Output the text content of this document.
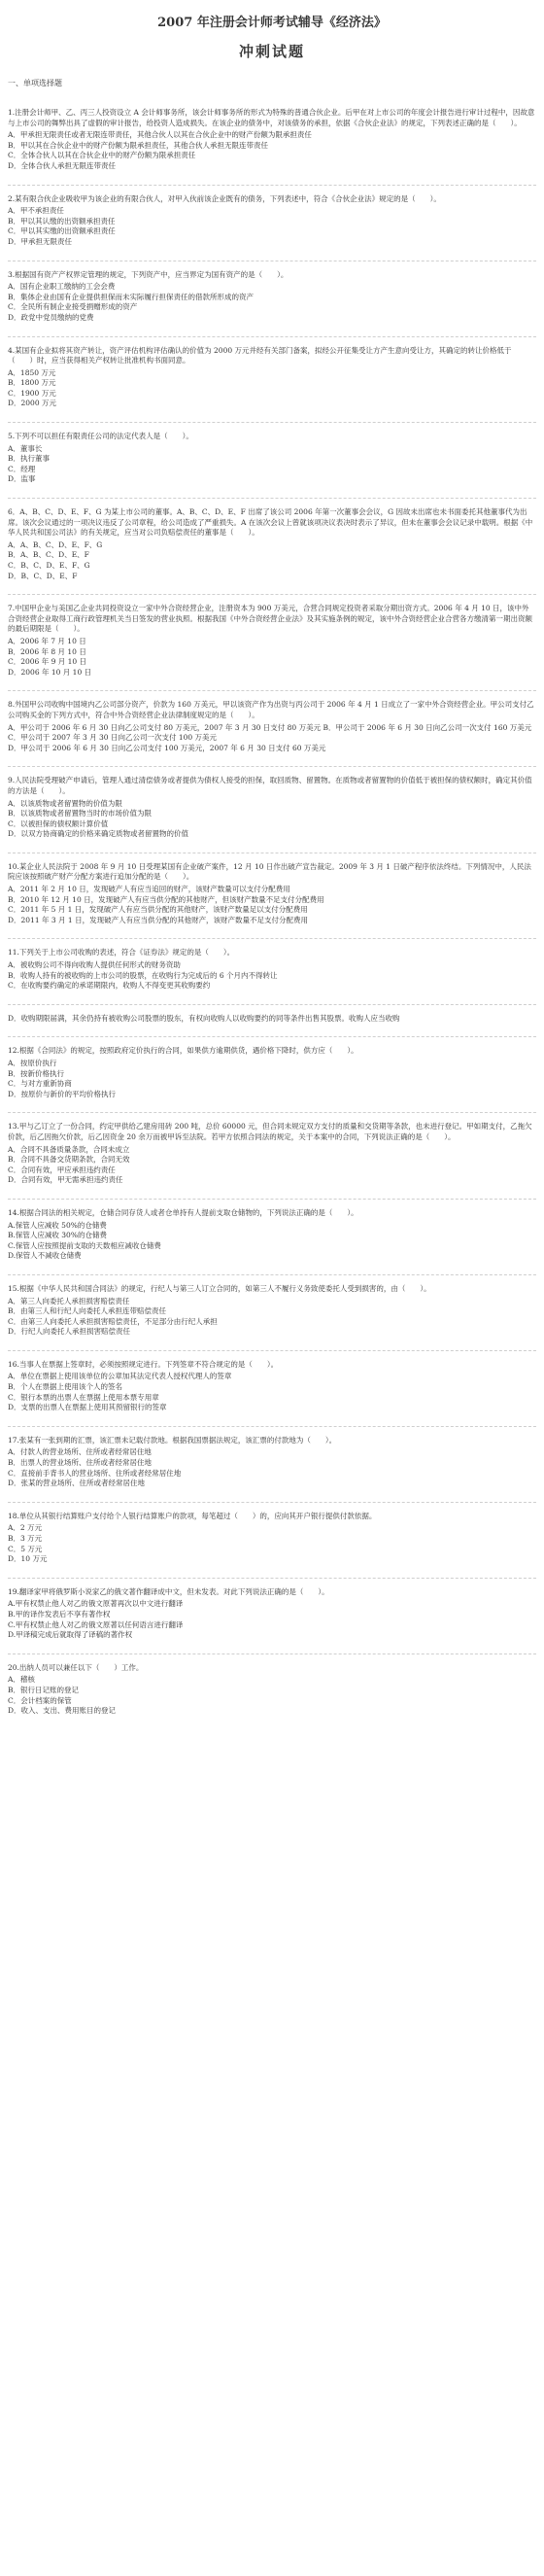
2007 年注册会计师考试辅导《经济法》
冲刺试题
一、单项选择题
1.注册会计师甲、乙、丙三人投资设立 A 会计师事务所，该会计师事务所的形式为特殊的普通合伙企业。后甲在对上市公司的年度会计报告进行审计过程中，因故意与上市公司的舞弊出具了虚假的审计报告，给投资人造成损失。在该企业的债务中，对该债务的承担，依据《合伙企业法》的规定，下列表述正确的是（　　）。
A．甲承担无限责任或者无限连带责任，其他合伙人以其在合伙企业中的财产份额为限承担责任
B．甲以其在合伙企业中的财产份额为限承担责任，其他合伙人承担无限连带责任
C．全体合伙人以其在合伙企业中的财产份额为限承担责任
D．全体合伙人承担无限连带责任
2.某有限合伙企业吸收甲为该企业的有限合伙人，对甲入伙前该企业既有的债务，下列表述中，符合《合伙企业法》规定的是（　　）。
A．甲不承担责任
B．甲以其认缴的出资额承担责任
C．甲以其实缴的出资额承担责任
D．甲承担无限责任
3.根据国有资产产权界定管理的规定，下列资产中，应当界定为国有资产的是（　　）。
A．国有企业职工缴纳的工会会费
B．集体企业由国有企业提供担保而未实际履行担保责任的借款所形成的资产
C．全民所有制企业接受捐赠形成的资产
D．政党中党员缴纳的党费
4.某国有企业拟将其资产转让，资产评估机构评估确认的价值为 2000 万元并经有关部门备案，拟经公开征集受让方产生意向受让方，其确定的转让价格低于（　　）时，应当获得相关产权转让批准机构书面同意。
A．1850 万元
B．1800 万元
C．1900 万元
D．2000 万元
5.下列不可以担任有限责任公司的法定代表人是（　　）。
A．董事长
B．执行董事
C．经理
D．监事
6．A、B、C、D、E、F、G 为某上市公司的董事。A、B、C、D、E、F 出席了该公司 2006 年第一次董事会会议，G 因故未出席也未书面委托其他董事代为出席。该次会议通过的一项决议违反了公司章程，给公司造成了严重损失。A 在该次会议上曾就该项决议表决时表示了异议，但未在董事会会议记录中载明。根据《中华人民共和国公司法》的有关规定，应当对公司负赔偿责任的董事是（　　）。
A．A、B、C、D、E、F、G
B．A、B、C、D、E、F
C．B、C、D、E、F、G
D．B、C、D、E、F
7.中国甲企业与美国乙企业共同投资设立一家中外合资经营企业，注册资本为 900 万美元，合营合同规定投资者采取分期出资方式。2006 年 4 月 10 日，该中外合资经营企业取得工商行政管理机关当日签发的营业执照。根据我国《中外合资经营企业法》及其实施条例的规定，该中外合资经营企业合营各方缴清第一期出资额的最后期限是（　　）。
A．2006 年 7 月 10 日
B．2006 年 8 月 10 日
C．2006 年 9 月 10 日
D．2006 年 10 月 10 日
8.外国甲公司收购中国境内乙公司部分资产，价款为 160 万美元，甲以该资产作为出资与丙公司于 2006 年 4 月 1 日成立了一家中外合资经营企业。甲公司支付乙公司购买金的下列方式中，符合中外合资经营企业法律制度规定的是（　　）。
A．甲公司于 2006 年 6 月 30 日向乙公司支付 80 万美元，2007 年 3 月 30 日支付 80 万美元 B．甲公司于 2006 年 6 月 30 日向乙公司一次支付 160 万美元
C．甲公司于 2007 年 3 月 30 日向乙公司一次支付 100 万美元
D．甲公司于 2006 年 6 月 30 日向乙公司支付 100 万美元，2007 年 6 月 30 日支付 60 万美元
9.人民法院受理破产申请后，管理人通过清偿债务或者提供为债权人接受的担保，取回质物、留置物。在质物或者留置物的价值低于被担保的债权额时，确定其价值的方法是（　　）。
A．以该质物或者留置物的价值为限
B．以该质物或者留置物当时的市场价值为限
C．以被担保的债权额计算价值
D．以双方协商确定的价格来确定质物或者留置物的价值
10.某企业人民法院于 2008 年 9 月 10 日受理某国有企业破产案件，12 月 10 日作出破产宣告裁定。2009 年 3 月 1 日破产程序依法终结。下列情况中，人民法院应该按照破产财产分配方案进行追加分配的是（　　）。
A．2011 年 2 月 10 日，发现破产人有应当追回的财产，该财产数量可以支付分配费用
B．2010 年 12 月 10 日，发现破产人有应当供分配的其他财产，但该财产数量不足支付分配费用
C．2011 年 5 月 1 日，发现破产人有应当供分配的其他财产，该财产数量足以支付分配费用
D．2011 年 3 月 1 日，发现破产人有应当供分配的其他财产，该财产数量不足支付分配费用
11.下列关于上市公司收购的表述，符合《证券法》规定的是（　　）。
A．被收购公司不得向收购人提供任何形式的财务资助
B．收购人持有的被收购的上市公司的股票，在收购行为完成后的 6 个月内不得转让
C．在收购要约确定的承诺期限内，收购人不得变更其收购要约
D．收购期限届满，其余仍持有被收购公司股票的股东，有权向收购人以收购要约的同等条件出售其股票。收购人应当收购
12.根据《合同法》的规定，按照政府定价执行的合同，如果供方逾期供货，遇价格下降时，供方应（　　）。
A．按原价执行
B．按新价格执行
C．与对方重新协商
D．按原价与新价的平均价格执行
13.甲与乙订立了一份合同，约定甲供给乙建房用砖 200 吨，总价 60000 元，但合同未规定双方支付的质量和交货期等条款，也未进行登记。甲如期支付，乙拖欠价款，后乙因拖欠价款，后乙因资金 20 余万而被甲诉至法院。若甲方依照合同法的规定，关于本案中的合同，下列说法正确的是（　　）。
A．合同不具备质量条款，合同未成立
B．合同不具备交货期条款，合同无效
C．合同有效，甲应承担违约责任
D．合同有效，甲无需承担违约责任
14.根据合同法的相关规定，仓储合同存货人或者仓单持有人提前支取仓储物的，下列说法正确的是（　　）。
A.保管人应减收 50%的仓储费
B.保管人应减收 30%的仓储费
C.保管人应按照提前支取的天数相应减收仓储费
D.保管人不减收仓储费
15.根据《中华人民共和国合同法》的规定，行纪人与第三人订立合同的，如第三人不履行义务致使委托人受到损害的，由（　　）。
A．第三人向委托人承担损害赔偿责任
B．由第三人和行纪人向委托人承担连带赔偿责任
C．由第三人向委托人承担损害赔偿责任，不足部分由行纪人承担
D．行纪人向委托人承担损害赔偿责任
16.当事人在票据上签章时，必须按照规定进行。下列签章不符合规定的是（　　）。
A．单位在票据上使用该单位的公章加其法定代表人授权代理人的签章
B．个人在票据上使用该个人的签名
C．银行本票的出票人在票据上使用本票专用章
D．支票的出票人在票据上使用其预留银行的签章
17.张某有一张到期的汇票，该汇票未记载付款地。根据我国票据法规定，该汇票的付款地为（　　）。
A．付款人的营业场所、住所或者经常居住地
B．出票人的营业场所、住所或者经常居住地
C．直接前手背书人的营业场所、住所或者经常居住地
D．张某的营业场所、住所或者经常居住地
18.单位从其银行结算账户支付给个人银行结算账户的款项，每笔超过（　　）的，应向其开户银行提供付款依据。
A．2 万元
B．3 万元
C．5 万元
D．10 万元
19.翻译家甲将俄罗斯小说家乙的俄文著作翻译成中文，但未发表。对此下列说法正确的是（　　）。
A.甲有权禁止他人对乙的俄文原著再次以中文进行翻译
B.甲的译作发表后不享有著作权
C.甲有权禁止他人对乙的俄文原著以任何语言进行翻译
D.甲译稿完成后就取得了译稿的著作权
20.出纳人员可以兼任以下（　　）工作。
A．稽核
B．银行日记账的登记
C．会计档案的保管
D．收入、支出、费用账目的登记
